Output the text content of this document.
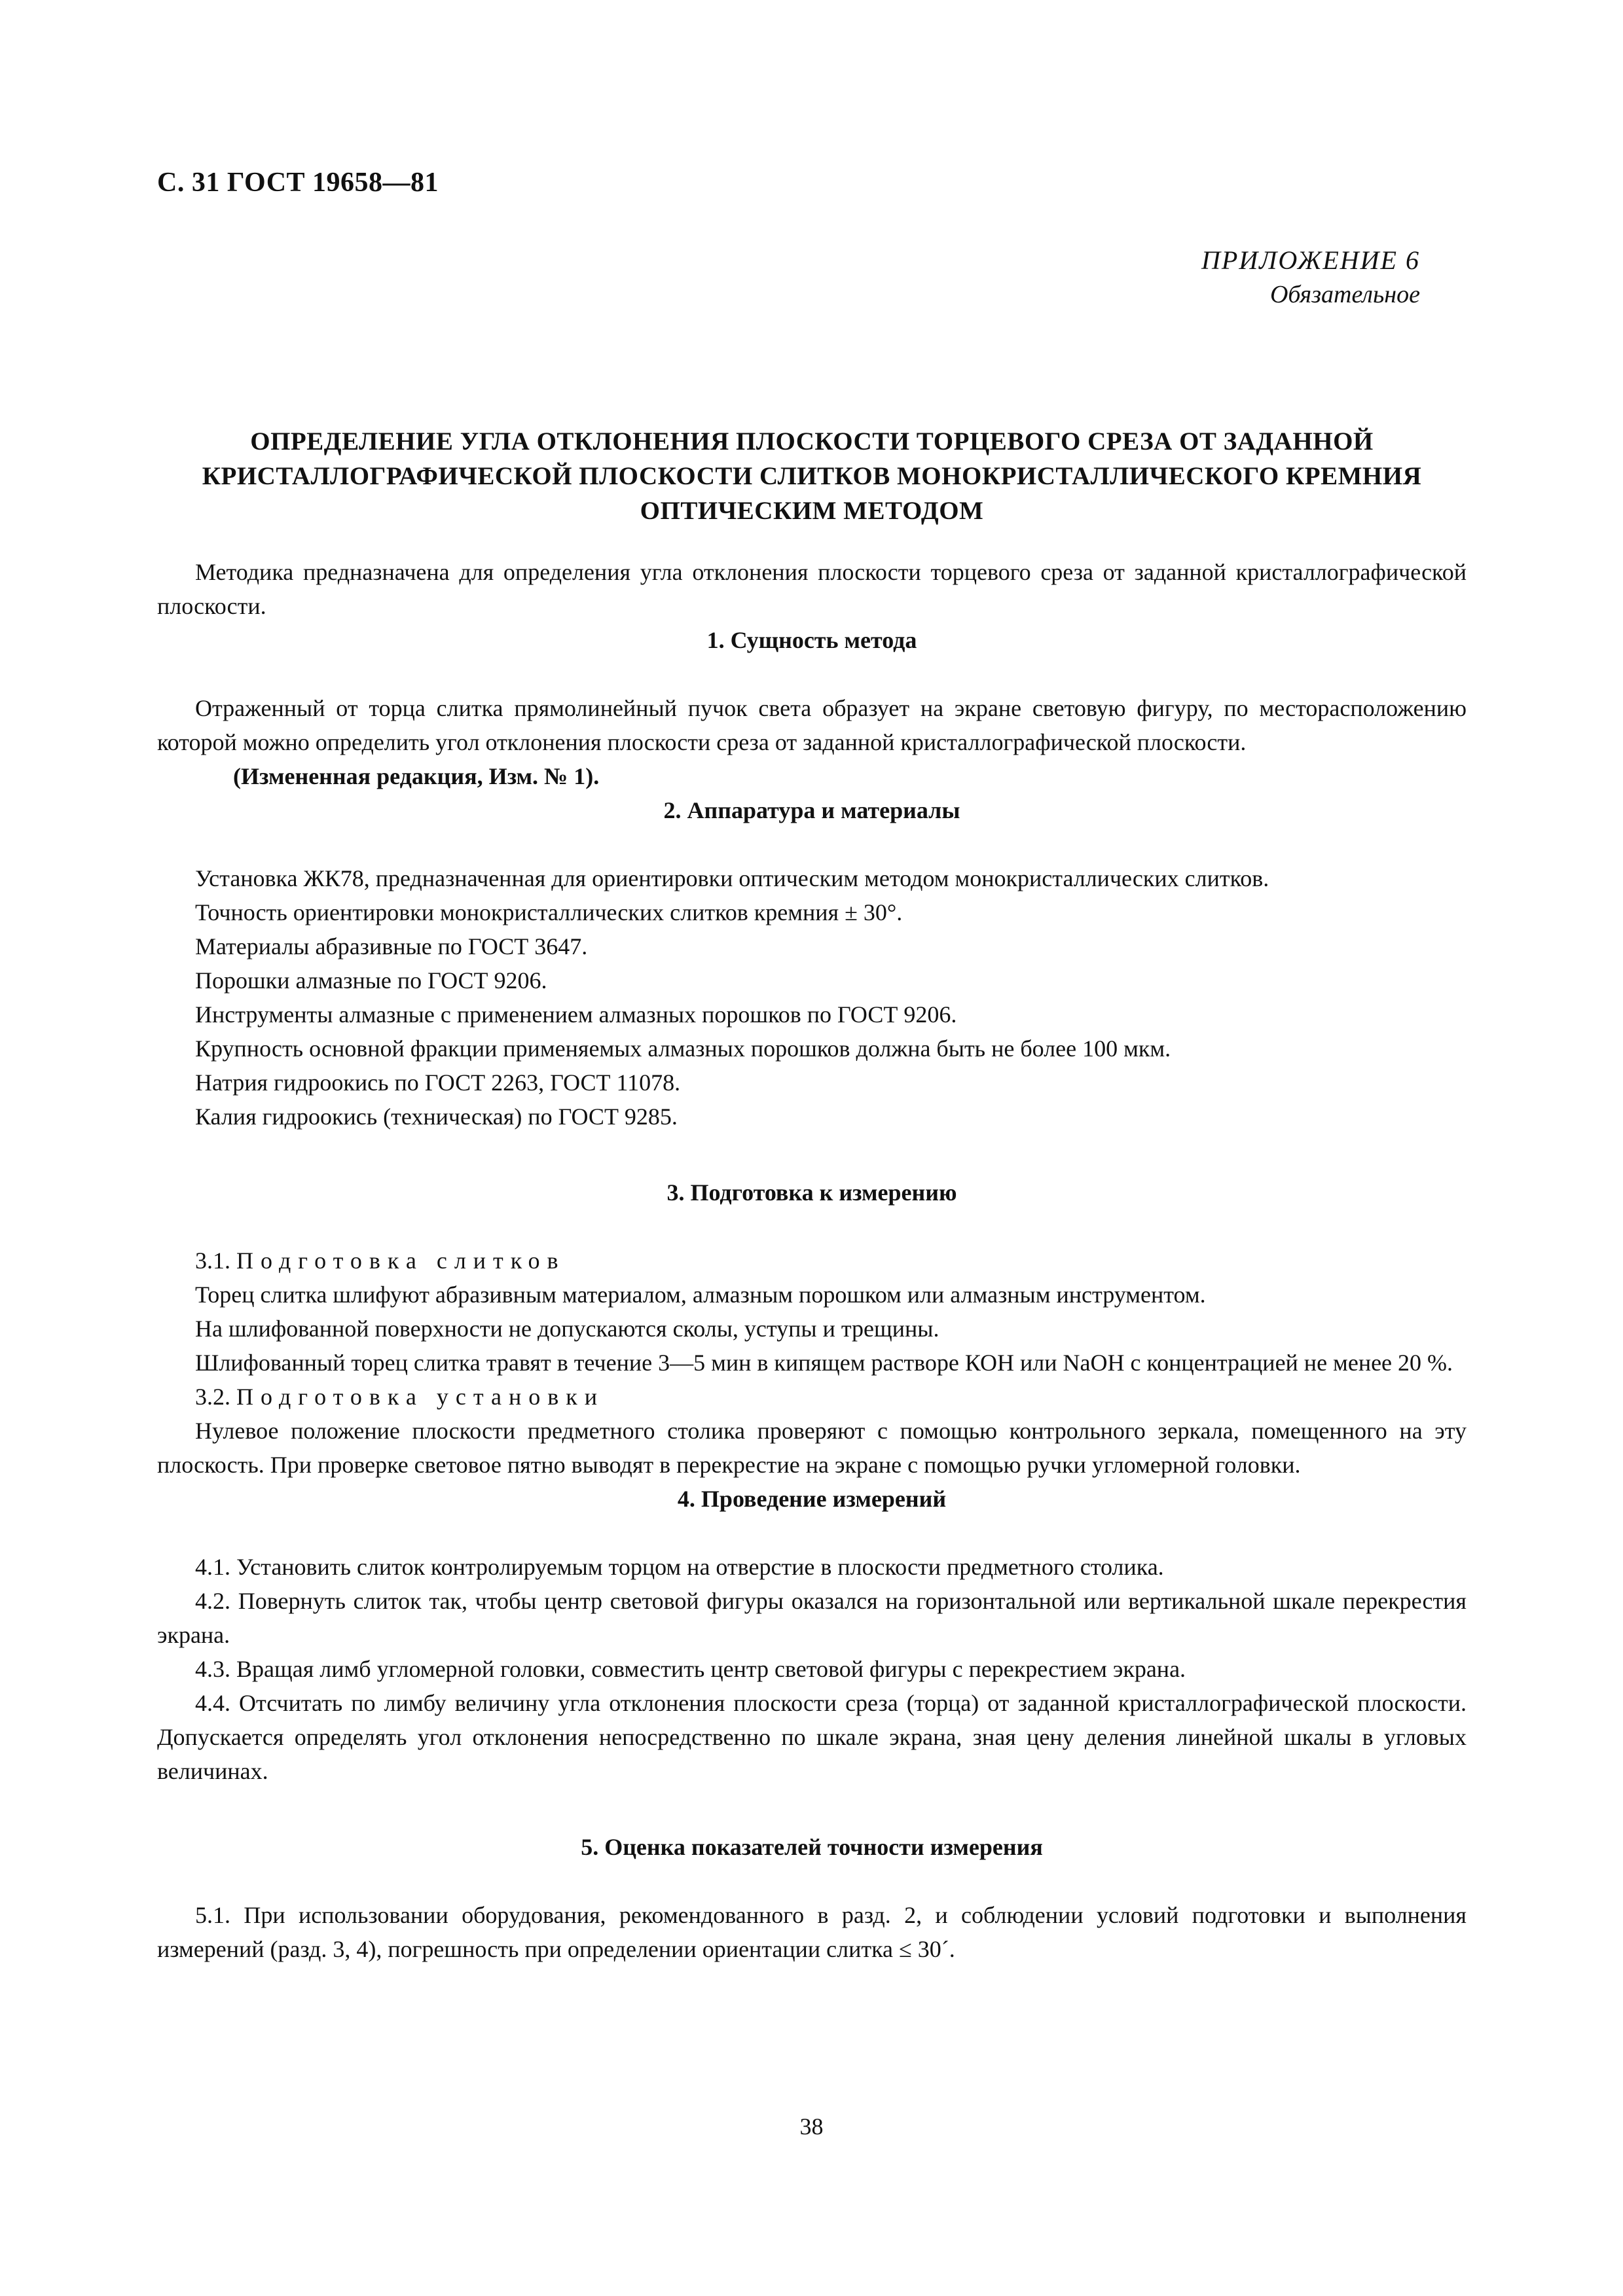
С. 31 ГОСТ 19658—81
ПРИЛОЖЕНИЕ 6
Обязательное
ОПРЕДЕЛЕНИЕ УГЛА ОТКЛОНЕНИЯ ПЛОСКОСТИ ТОРЦЕВОГО СРЕЗА ОТ ЗАДАННОЙ
КРИСТАЛЛОГРАФИЧЕСКОЙ ПЛОСКОСТИ СЛИТКОВ МОНОКРИСТАЛЛИЧЕСКОГО КРЕМНИЯ
ОПТИЧЕСКИМ МЕТОДОМ

Методика предназначена для определения угла отклонения плоскости торцевого среза от заданной кристаллографической плоскости.

1. Сущность метода

Отраженный от торца слитка прямолинейный пучок света образует на экране световую фигуру, по месторасположению которой можно определить угол отклонения плоскости среза от заданной кристаллографической плоскости.

(Измененная редакция, Изм. № 1).

2. Аппаратура и материалы

Установка ЖК78, предназначенная для ориентировки оптическим методом монокристаллических слитков.

Точность ориентировки монокристаллических слитков кремния ± 30°.
Материалы абразивные по ГОСТ 3647.
Порошки алмазные по ГОСТ 9206.
Инструменты алмазные с применением алмазных порошков по ГОСТ 9206.
Крупность основной фракции применяемых алмазных порошков должна быть не более 100 мкм.
Натрия гидроокись по ГОСТ 2263, ГОСТ 11078.
Калия гидроокись (техническая) по ГОСТ 9285.
3. Подготовка к измерению
3.1. Подготовка слитков
Торец слитка шлифуют абразивным материалом, алмазным порошком или алмазным инструментом.
На шлифованной поверхности не допускаются сколы, уступы и трещины.

Шлифованный торец слитка травят в течение 3—5 мин в кипящем растворе КОН или NaOH с концентрацией не менее 20 %.

3.2. Подготовка установки

Нулевое положение плоскости предметного столика проверяют с помощью контрольного зеркала, помещенного на эту плоскость. При проверке световое пятно выводят в перекрестие на экране с помощью ручки угломерной головки.

4. Проведение измерений

4.1. Установить слиток контролируемым торцом на отверстие в плоскости предметного столика.

4.2. Повернуть слиток так, чтобы центр световой фигуры оказался на горизонтальной или вертикальной шкале перекрестия экрана.

4.3. Вращая лимб угломерной головки, совместить центр световой фигуры с перекрестием экрана.

4.4. Отсчитать по лимбу величину угла отклонения плоскости среза (торца) от заданной кристаллографической плоскости. Допускается определять угол отклонения непосредственно по шкале экрана, зная цену деления линейной шкалы в угловых величинах.

5. Оценка показателей точности измерения

5.1. При использовании оборудования, рекомендованного в разд. 2, и соблюдении условий подготовки и выполнения измерений (разд. 3, 4), погрешность при определении ориентации слитка ≤ 30´.

38
